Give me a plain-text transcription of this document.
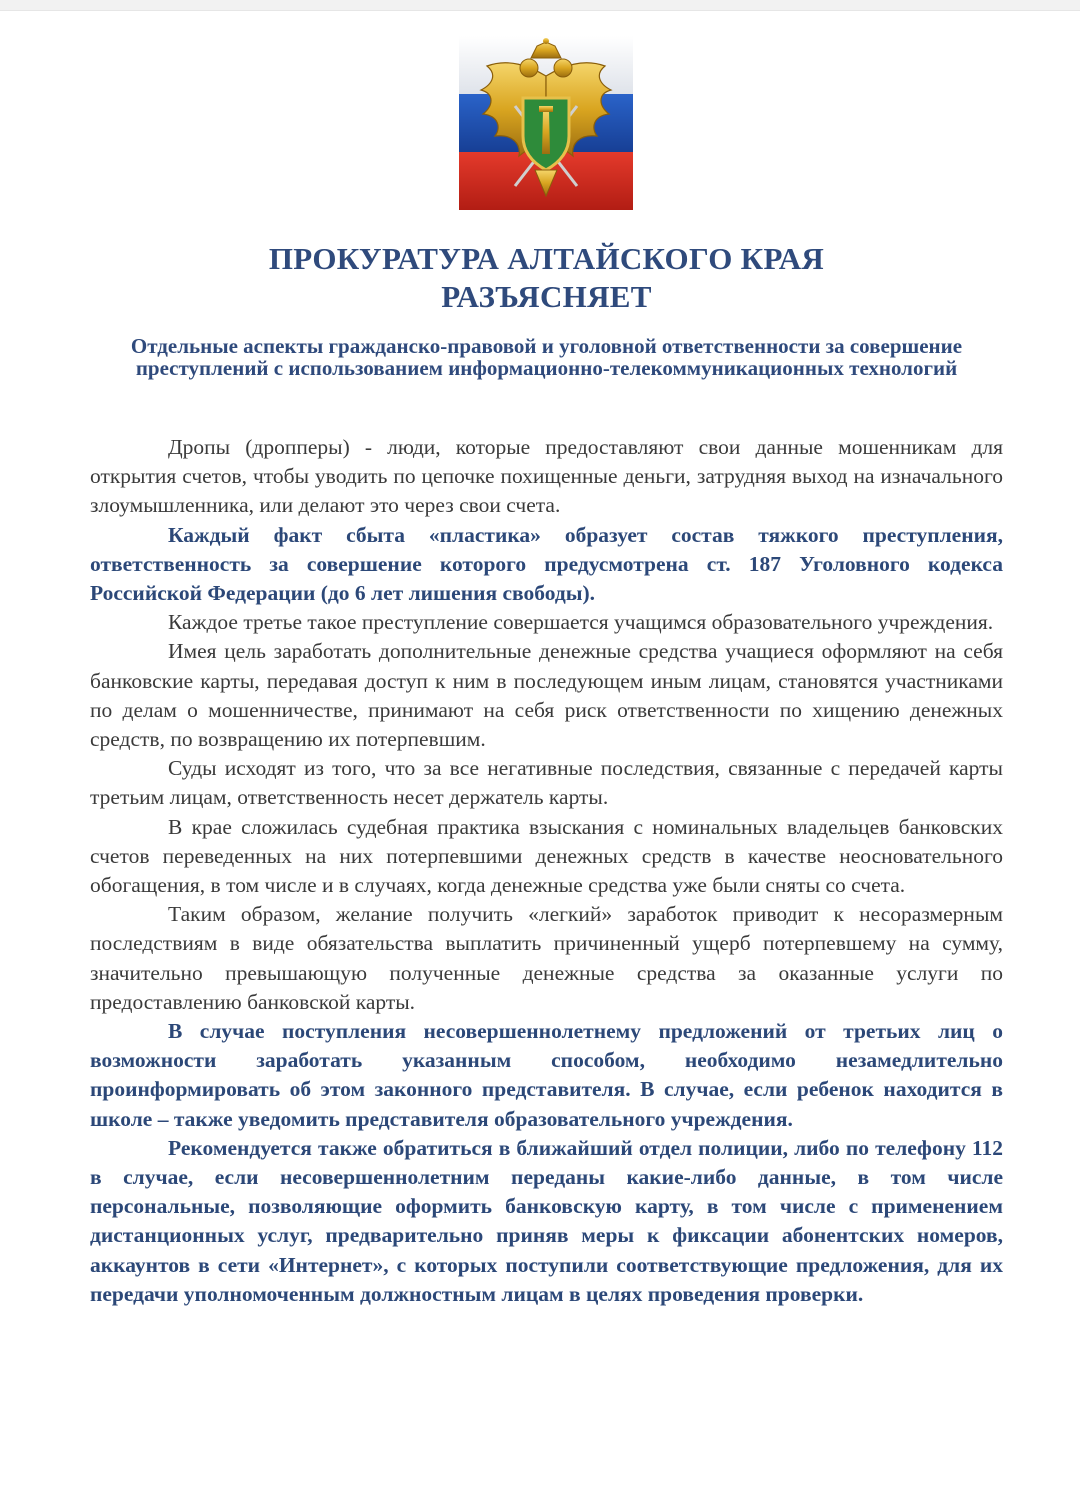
ПРОКУРАТУРА АЛТАЙСКОГО КРАЯ
РАЗЪЯСНЯЕТ
Отдельные аспекты гражданско-правовой и уголовной ответственности за совершение преступлений с использованием информационно-телекоммуникационных технологий

Дропы (дропперы) - люди, которые предоставляют свои данные мошенникам для открытия счетов, чтобы уводить по цепочке похищенные деньги, затрудняя выход на изначального злоумышленника, или делают это через свои счета.

Каждый факт сбыта «пластика» образует состав тяжкого преступления, ответственность за совершение которого предусмотрена ст. 187 Уголовного кодекса Российской Федерации (до 6 лет лишения свободы).

Каждое третье такое преступление совершается учащимся образовательного учреждения.

Имея цель заработать дополнительные денежные средства учащиеся оформляют на себя банковские карты, передавая доступ к ним в последующем иным лицам, становятся участниками по делам о мошенничестве, принимают на себя риск ответственности по хищению денежных средств, по возвращению их потерпевшим.

Суды исходят из того, что за все негативные последствия, связанные с передачей карты третьим лицам, ответственность несет держатель карты.

В крае сложилась судебная практика взыскания с номинальных владельцев банковских счетов переведенных на них потерпевшими денежных средств в качестве неосновательного обогащения, в том числе и в случаях, когда денежные средства уже были сняты со счета.

Таким образом, желание получить «легкий» заработок приводит к несоразмерным последствиям в виде обязательства выплатить причиненный ущерб потерпевшему на сумму, значительно превышающую полученные денежные средства за оказанные услуги по предоставлению банковской карты.

В случае поступления несовершеннолетнему предложений от третьих лиц о возможности заработать указанным способом, необходимо незамедлительно проинформировать об этом законного представителя. В случае, если ребенок находится в школе – также уведомить представителя образовательного учреждения.

Рекомендуется также обратиться в ближайший отдел полиции, либо по телефону 112 в случае, если несовершеннолетним переданы какие-либо данные, в том числе персональные, позволяющие оформить банковскую карту, в том числе с применением дистанционных услуг, предварительно приняв меры к фиксации абонентских номеров, аккаунтов в сети «Интернет», с которых поступили соответствующие предложения, для их передачи уполномоченным должностным лицам в целях проведения проверки.
